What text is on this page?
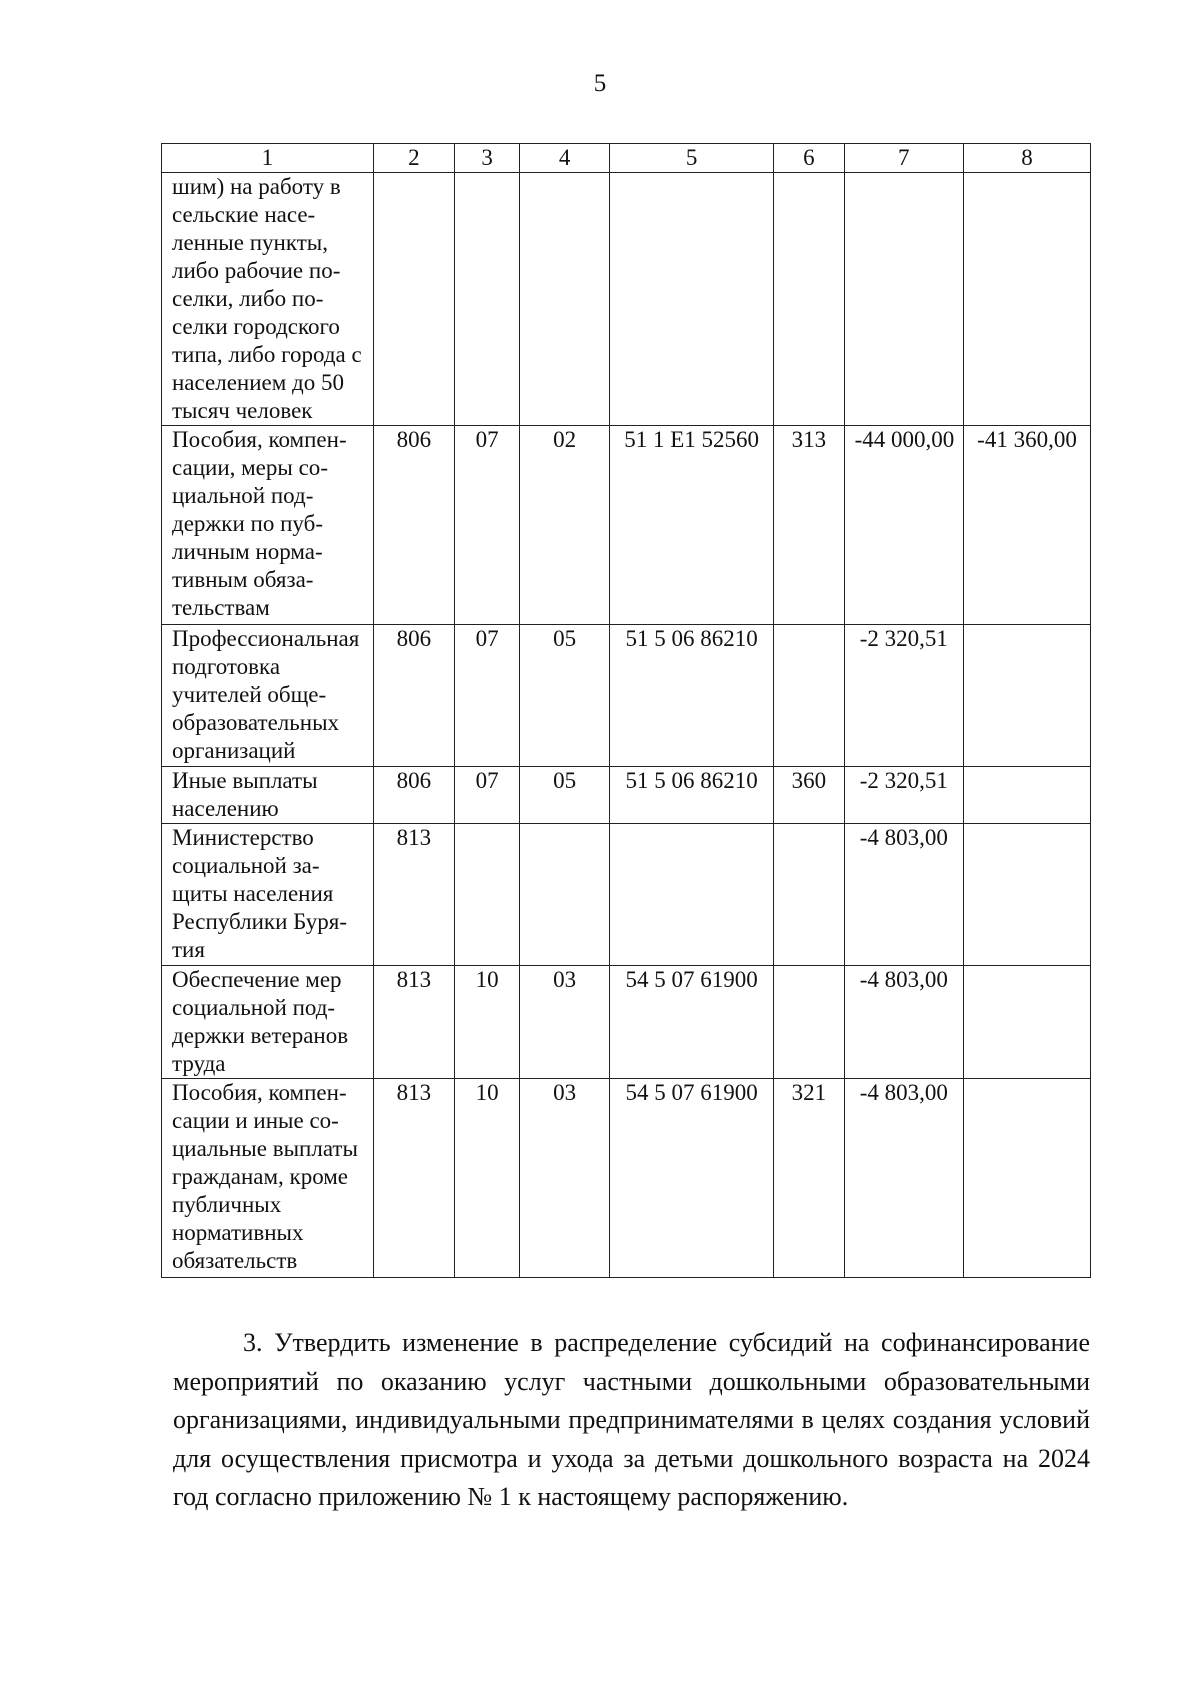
5
1	2	3	4	5	6	7	8
шим) на работу в сельские населенные пункты, либо рабочие поселки, либо поселки городского типа, либо города с населением до 50 тысяч человек							
Пособия, компенсации, меры социальной поддержки по публичным нормативным обязательствам	806	07	02	51 1 Е1 52560	313	-44 000,00	-41 360,00
Профессиональная подготовка учителей общеобразовательных организаций	806	07	05	51 5 06 86210		-2 320,51	
Иные выплаты населению	806	07	05	51 5 06 86210	360	-2 320,51	
Министерство социальной защиты населения Республики Бурятия	813					-4 803,00	
Обеспечение мер социальной поддержки ветеранов труда	813	10	03	54 5 07 61900		-4 803,00	
Пособия, компенсации и иные социальные выплаты гражданам, кроме публичных нормативных обязательств	813	10	03	54 5 07 61900	321	-4 803,00	

3. Утвердить изменение в распределение субсидий на софинансирование мероприятий по оказанию услуг частными дошкольными образовательными организациями, индивидуальными предпринимателями в целях создания условий для осуществления присмотра и ухода за детьми дошкольного возраста на 2024 год согласно приложению № 1 к настоящему распоряжению.
